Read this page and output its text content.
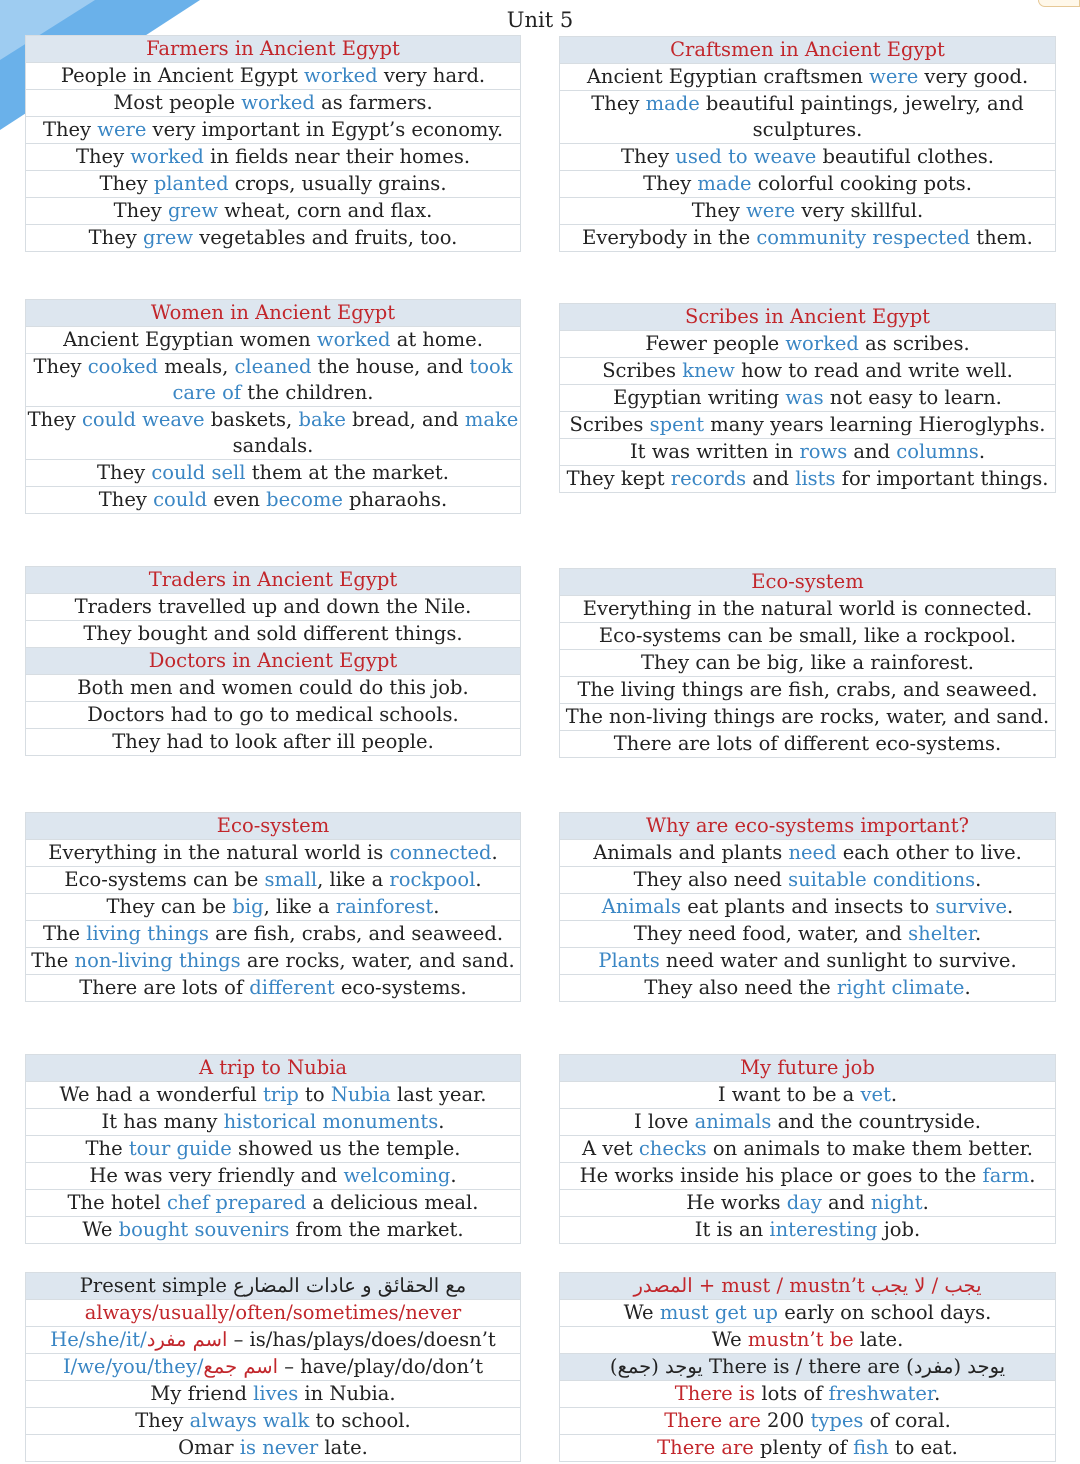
Unit 5
Farmers in Ancient Egypt
People in Ancient Egypt worked very hard.
Most people worked as farmers.
They were very important in Egypt’s economy.
They worked in fields near their homes.
They planted crops, usually grains.
They grew wheat, corn and flax.
They grew vegetables and fruits, too.
Craftsmen in Ancient Egypt
Ancient Egyptian craftsmen were very good.
They made beautiful paintings, jewelry, and sculptures.
They used to weave beautiful clothes.
They made colorful cooking pots.
They were very skillful.
Everybody in the community respected them.
Women in Ancient Egypt
Ancient Egyptian women worked at home.
They cooked meals, cleaned the house, and took care of the children.
They could weave baskets, bake bread, and make sandals.
They could sell them at the market.
They could even become pharaohs.
Scribes in Ancient Egypt
Fewer people worked as scribes.
Scribes knew how to read and write well.
Egyptian writing was not easy to learn.
Scribes spent many years learning Hieroglyphs.
It was written in rows and columns.
They kept records and lists for important things.
Traders in Ancient Egypt
Traders travelled up and down the Nile.
They bought and sold different things.
Doctors in Ancient Egypt
Both men and women could do this job.
Doctors had to go to medical schools.
They had to look after ill people.
Eco-system
Everything in the natural world is connected.
Eco-systems can be small, like a rockpool.
They can be big, like a rainforest.
The living things are fish, crabs, and seaweed.
The non-living things are rocks, water, and sand.
There are lots of different eco-systems.
Eco-system
Everything in the natural world is connected.
Eco-systems can be small, like a rockpool.
They can be big, like a rainforest.
The living things are fish, crabs, and seaweed.
The non-living things are rocks, water, and sand.
There are lots of different eco-systems.
Why are eco-systems important?
Animals and plants need each other to live.
They also need suitable conditions.
Animals eat plants and insects to survive.
They need food, water, and shelter.
Plants need water and sunlight to survive.
They also need the right climate.
A trip to Nubia
We had a wonderful trip to Nubia last year.
It has many historical monuments.
The tour guide showed us the temple.
He was very friendly and welcoming.
The hotel chef prepared a delicious meal.
We bought souvenirs from the market.
My future job
I want to be a vet.
I love animals and the countryside.
A vet checks on animals to make them better.
He works inside his place or goes to the farm.
He works day and night.
It is an interesting job.
Present simple مع الحقائق و عادات المضارع
always/usually/often/sometimes/never
He/she/it/اسم مفرد – is/has/plays/does/doesn’t
I/we/you/they/اسم جمع – have/play/do/don’t
My friend lives in Nubia.
They always walk to school.
Omar is never late.
المصدر + must / mustn’t يجب / لا يجب
We must get up early on school days.
We mustn’t be late.
يوجد (جمع) There is / there are يوجد (مفرد)
There is lots of freshwater.
There are 200 types of coral.
There are plenty of fish to eat.
